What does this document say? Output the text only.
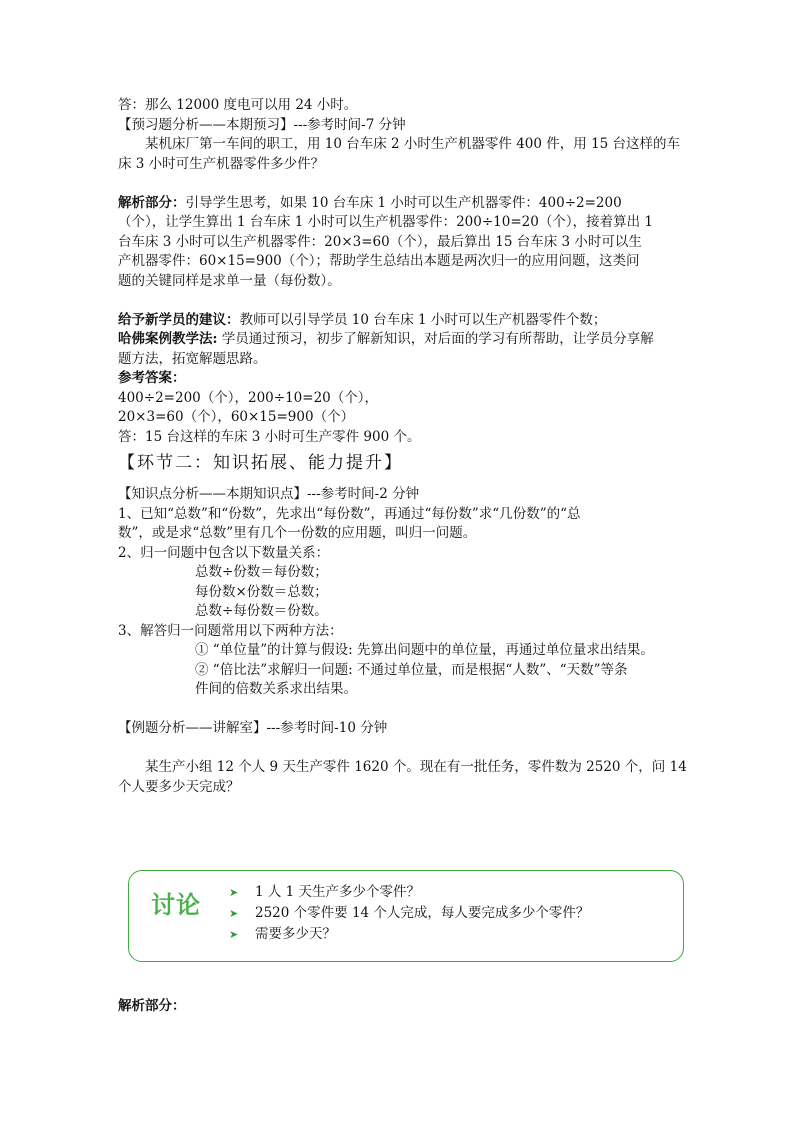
答：那么 12000 度电可以用 24 小时。
【预习题分析——本期预习】---参考时间-7 分钟
某机床厂第一车间的职工，用 10 台车床 2 小时生产机器零件 400 件，用 15 台这样的车
床 3 小时可生产机器零件多少件？
解析部分：引导学生思考，如果 10 台车床 1 小时可以生产机器零件：400÷2=200
（个），让学生算出 1 台车床 1 小时可以生产机器零件：200÷10=20（个），接着算出 1
台车床 3 小时可以生产机器零件：20×3=60（个），最后算出 15 台车床 3 小时可以生
产机器零件：60×15=900（个）；帮助学生总结出本题是两次归一的应用问题，这类问
题的关键同样是求单一量（每份数）。
给予新学员的建议：教师可以引导学员 10 台车床 1 小时可以生产机器零件个数；
哈佛案例教学法: 学员通过预习，初步了解新知识，对后面的学习有所帮助，让学员分享解
题方法，拓宽解题思路。
参考答案：
400÷2=200（个），200÷10=20（个），
20×3=60（个），60×15=900（个）
答：15 台这样的车床 3 小时可生产零件 900 个。
【环节二：知识拓展、能力提升】
【知识点分析——本期知识点】---参考时间-2 分钟
1、已知“总数”和“份数”，先求出“每份数”，再通过“每份数”求“几份数”的“总
数”，或是求“总数”里有几个一份数的应用题，叫归一问题。
2、归一问题中包含以下数量关系：
总数÷份数＝每份数；
每份数×份数＝总数；
总数÷每份数＝份数。
3、解答归一问题常用以下两种方法：
① “单位量”的计算与假设: 先算出问题中的单位量，再通过单位量求出结果。
② “倍比法”求解归一问题: 不通过单位量，而是根据“人数”、“天数”等条
件间的倍数关系求出结果。
【例题分析——讲解室】---参考时间-10 分钟
某生产小组 12 个人 9 天生产零件 1620 个。现在有一批任务，零件数为 2520 个，问 14
个人要多少天完成？
讨论	➤ 1 人 1 天生产多少个零件？
➤ 2520 个零件要 14 个人完成，每人要完成多少个零件？
➤ 需要多少天？
解析部分：
